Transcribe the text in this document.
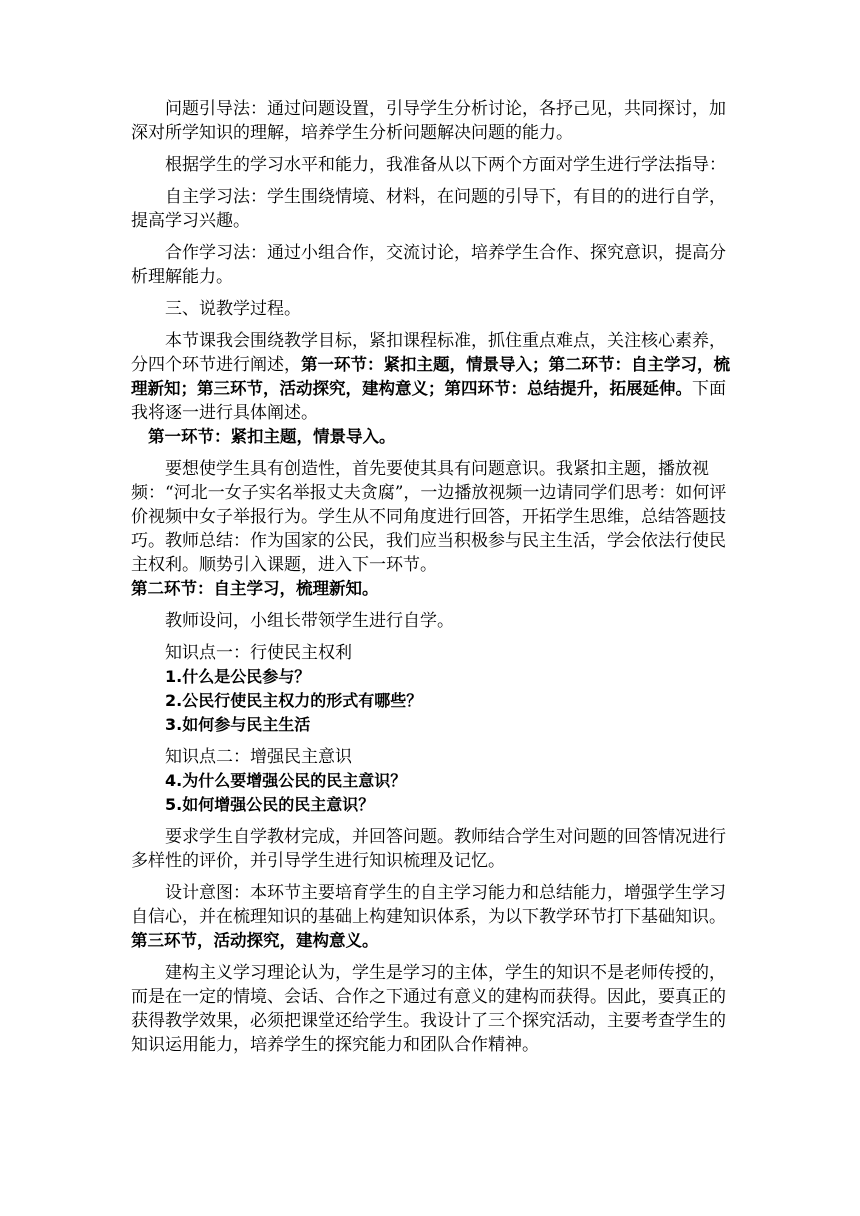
问题引导法：通过问题设置，引导学生分析讨论，各抒己见，共同探讨，加深对所学知识的理解，培养学生分析问题解决问题的能力。

根据学生的学习水平和能力，我准备从以下两个方面对学生进行学法指导：

自主学习法：学生围绕情境、材料，在问题的引导下，有目的的进行自学，提高学习兴趣。

合作学习法：通过小组合作，交流讨论，培养学生合作、探究意识，提高分析理解能力。

三、说教学过程。

本节课我会围绕教学目标，紧扣课程标准，抓住重点难点，关注核心素养，分四个环节进行阐述，第一环节：紧扣主题，情景导入；第二环节：自主学习，梳理新知；第三环节，活动探究，建构意义；第四环节：总结提升，拓展延伸。下面我将逐一进行具体阐述。

第一环节：紧扣主题，情景导入。

要想使学生具有创造性，首先要使其具有问题意识。我紧扣主题，播放视频：“河北一女子实名举报丈夫贪腐”，一边播放视频一边请同学们思考：如何评价视频中女子举报行为。学生从不同角度进行回答，开拓学生思维，总结答题技巧。教师总结：作为国家的公民，我们应当积极参与民主生活，学会依法行使民主权利。顺势引入课题，进入下一环节。

第二环节：自主学习，梳理新知。

教师设问，小组长带领学生进行自学。

知识点一：行使民主权利

1.什么是公民参与？

2.公民行使民主权力的形式有哪些？

3.如何参与民主生活

知识点二：增强民主意识

4.为什么要增强公民的民主意识？

5.如何增强公民的民主意识？

要求学生自学教材完成，并回答问题。教师结合学生对问题的回答情况进行多样性的评价，并引导学生进行知识梳理及记忆。

设计意图：本环节主要培育学生的自主学习能力和总结能力，增强学生学习自信心，并在梳理知识的基础上构建知识体系，为以下教学环节打下基础知识。

第三环节，活动探究，建构意义。

建构主义学习理论认为，学生是学习的主体，学生的知识不是老师传授的，而是在一定的情境、会话、合作之下通过有意义的建构而获得。因此，要真正的获得教学效果，必须把课堂还给学生。我设计了三个探究活动，主要考查学生的知识运用能力，培养学生的探究能力和团队合作精神。
